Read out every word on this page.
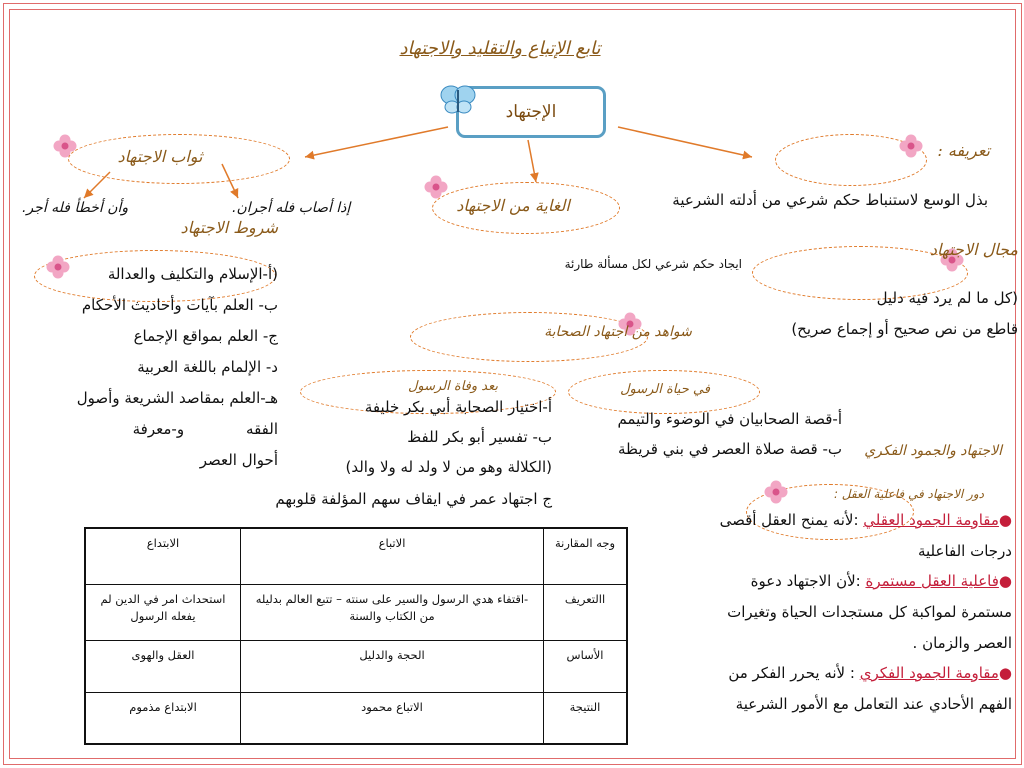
تابع الإتباع والتقليد والاجتهاد
الإجتهاد
تعريفه :
بذل الوسع لاستنباط حكم شرعي من أدلته الشرعية
الغاية من الاجتهاد
ايجاد حكم شرعي لكل مسألة طارئة
ثواب الاجتهاد
وأن أخطأ فله أجر.	إذا أصاب فله أجران.
مجال الاجتهاد
(كل ما لم يرد فيه دليل
قاطع من نص صحيح أو إجماع صريح)
شروط الاجتهاد
(أ-الإسلام والتكليف والعدالة
ب- العلم بآيات وأحاديث الأحكام
ج- العلم بمواقع الإجماع
د- الإلمام باللغة العربية
هـ-العلم بمقاصد الشريعة وأصول
الفقه             و-معرفة
أحوال العصر
شواهد من اجتهاد الصحابة
بعد وفاة الرسول
أ-اختيار الصحابة أبي بكر خليفة
ب- تفسير أبو بكر للفظ
(الكلالة وهو من لا ولد له ولا والد)
ج اجتهاد عمر في ايقاف سهم المؤلفة قلوبهم
في حياة الرسول
أ-قصة الصحابيان في الوضوء والتيمم
ب- قصة صلاة العصر في بني قريظة الاجتهاد والجمود الفكري
دور الاجتهاد في فاعلية العقل :
●مقاومة الجمود العقلي :لأنه يمنح العقل أقصى
درجات الفاعلية
●فاعلية العقل مستمرة :لأن الاجتهاد دعوة
مستمرة لمواكبة كل مستجدات الحياة وتغيرات
العصر والزمان .
●مقاومة الجمود الفكري : لأنه يحرر الفكر من
الفهم الأحادي عند التعامل مع الأمور الشرعية
وجه المقارنة	الاتباع	الابتداع
االتعريف	-اقتفاء هدي الرسول والسير على سنته – تتبع العالم بدليله من الكتاب والسنة	استحداث امر في الدين لم يفعله الرسول
الأساس	الحجة والدليل	العقل والهوى
النتيجة	الاتباع محمود	الابتداع مذموم
